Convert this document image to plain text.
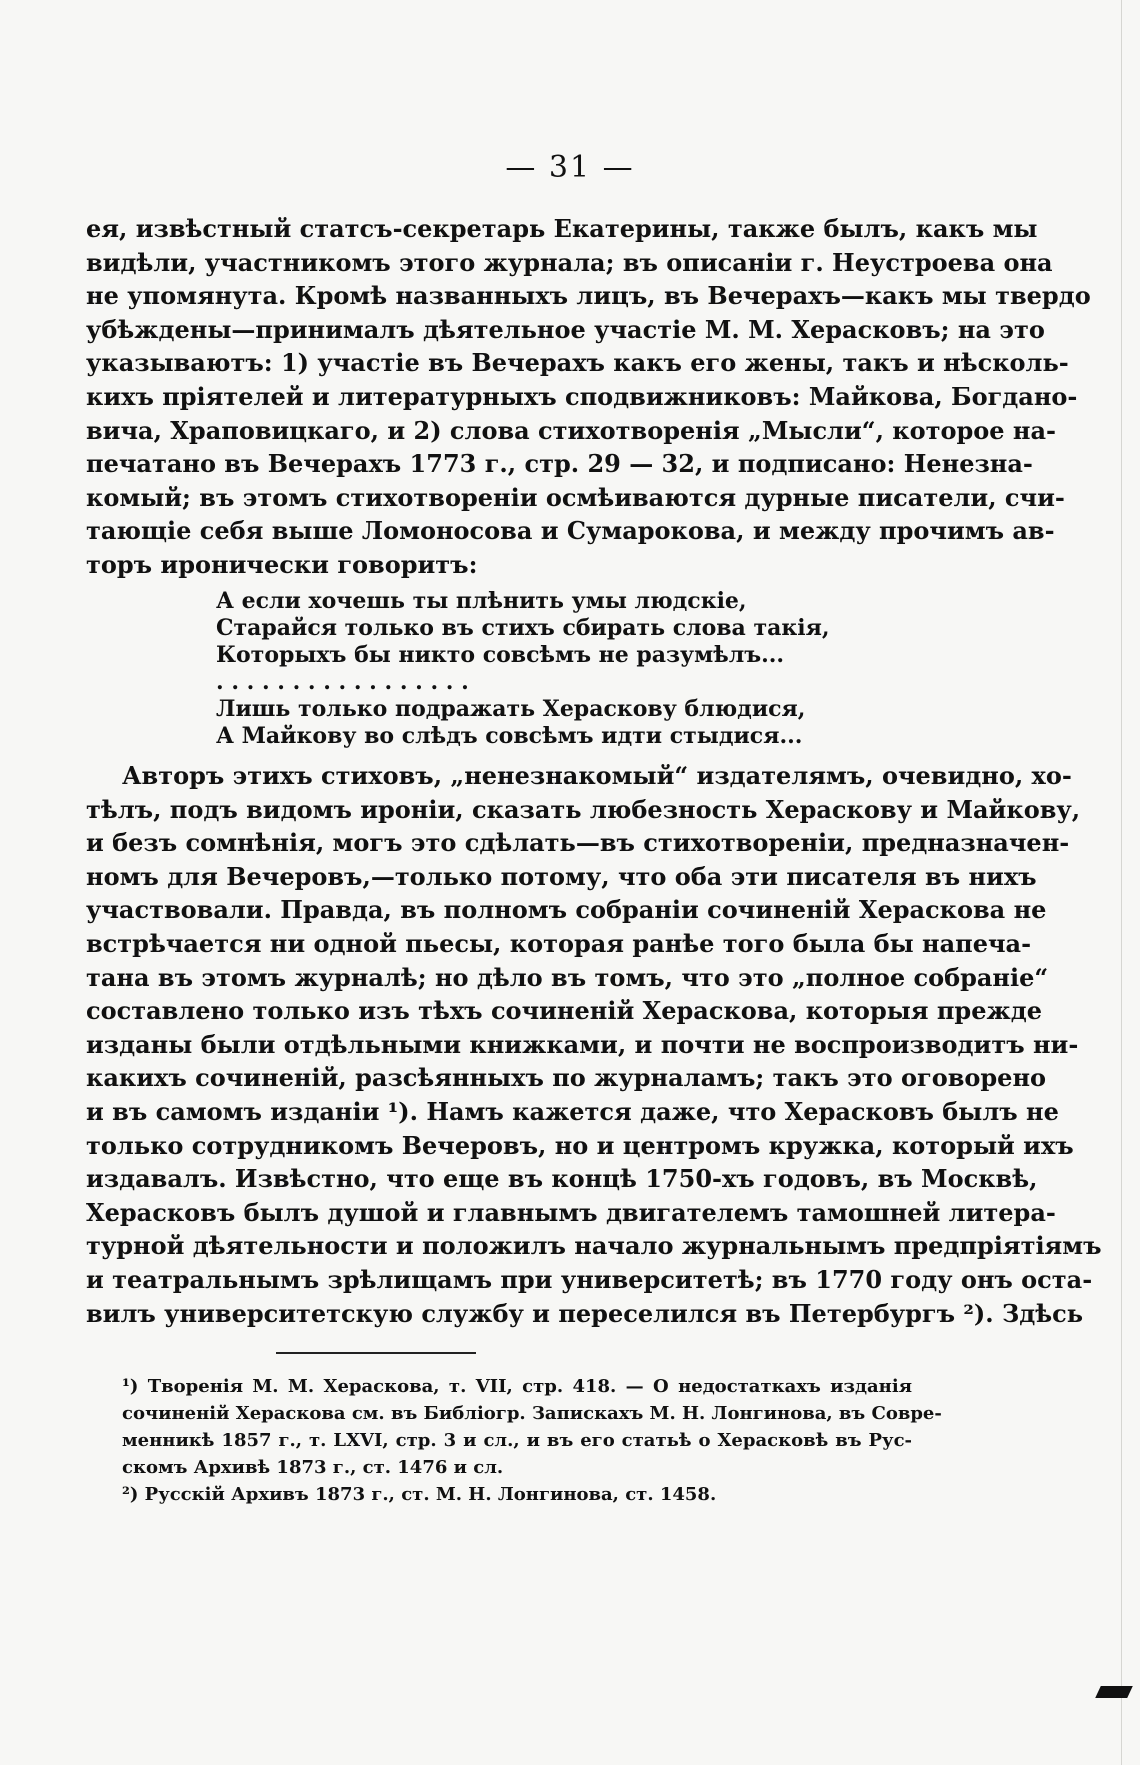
— 31 —
ея, извѣстный статсъ-секретарь Екатерины, также былъ, какъ мы
видѣли, участникомъ этого журнала; въ описаніи г. Неустроева она
не упомянута. Кромѣ названныхъ лицъ, въ Вечерахъ—какъ мы твердо
убѣждены—принималъ дѣятельное участіе М. М. Херасковъ; на это
указываютъ: 1) участіе въ Вечерахъ какъ его жены, такъ и нѣсколь-
кихъ пріятелей и литературныхъ сподвижниковъ: Майкова, Богдано-
вича, Храповицкаго, и 2) слова стихотворенія „Мысли“, которое на-
печатано въ Вечерахъ 1773 г., стр. 29 — 32, и подписано: Ненезна-
комый; въ этомъ стихотвореніи осмѣиваются дурные писатели, счи-
тающіе себя выше Ломоносова и Сумарокова, и между прочимъ ав-
торъ иронически говоритъ:
А если хочешь ты плѣнить умы людскіе,
Старайся только въ стихъ сбирать слова такія,
Которыхъ бы никто совсѣмъ не разумѣлъ...
. . . . . . . . . . . . . . . . .
Лишь только подражать Хераскову блюдися,
А Майкову во слѣдъ совсѣмъ идти стыдися...
Авторъ этихъ стиховъ, „ненезнакомый“ издателямъ, очевидно, хо-
тѣлъ, подъ видомъ ироніи, сказать любезность Хераскову и Майкову,
и безъ сомнѣнія, могъ это сдѣлать—въ стихотвореніи, предназначен-
номъ для Вечеровъ,—только потому, что оба эти писателя въ нихъ
участвовали. Правда, въ полномъ собраніи сочиненій Хераскова не
встрѣчается ни одной пьесы, которая ранѣе того была бы напеча-
тана въ этомъ журналѣ; но дѣло въ томъ, что это „полное собраніе“
составлено только изъ тѣхъ сочиненій Хераскова, которыя прежде
изданы были отдѣльными книжками, и почти не воспроизводитъ ни-
какихъ сочиненій, разсѣянныхъ по журналамъ; такъ это оговорено
и въ самомъ изданіи ¹). Намъ кажется даже, что Херасковъ былъ не
только сотрудникомъ Вечеровъ, но и центромъ кружка, который ихъ
издавалъ. Извѣстно, что еще въ концѣ 1750-хъ годовъ, въ Москвѣ,
Херасковъ былъ душой и главнымъ двигателемъ тамошней литера-
турной дѣятельности и положилъ начало журнальнымъ предпріятіямъ
и театральнымъ зрѣлищамъ при университетѣ; въ 1770 году онъ оста-
вилъ университетскую службу и переселился въ Петербургъ ²). Здѣсь
¹) Творенія М. М. Хераскова, т. VII, стр. 418. — О недостаткахъ изданія
сочиненій Хераскова см. въ Библіогр. Запискахъ М. Н. Лонгинова, въ Совре-
менникѣ 1857 г., т. LXVI, стр. 3 и сл., и въ его статьѣ о Херасковѣ въ Рус-
скомъ Архивѣ 1873 г., ст. 1476 и сл.
²) Русскій Архивъ 1873 г., ст. М. Н. Лонгинова, ст. 1458.
